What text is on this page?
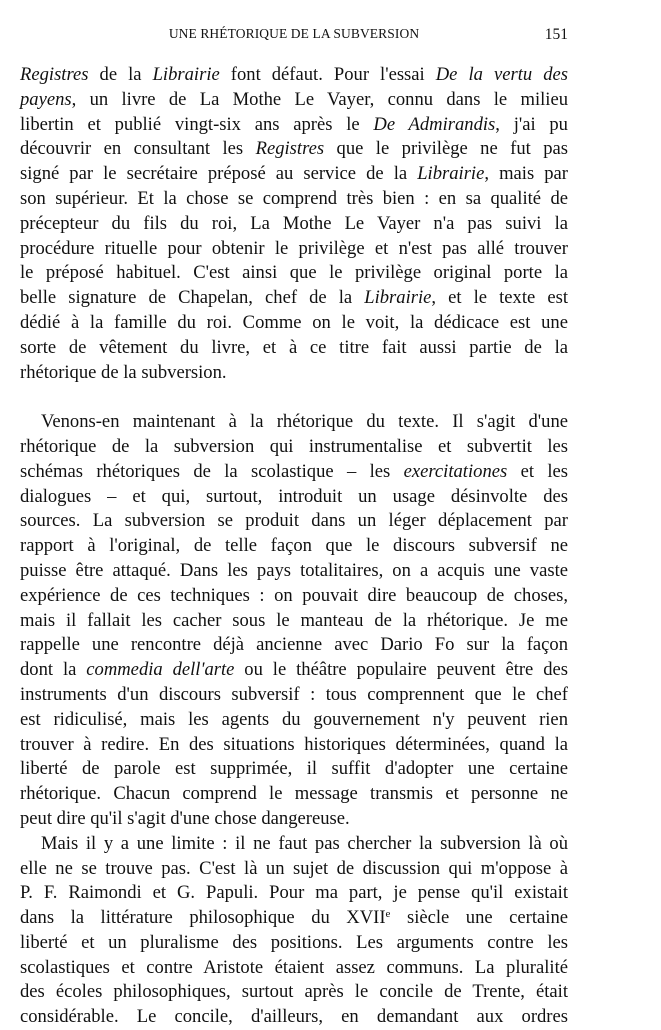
UNE RHÉTORIQUE DE LA SUBVERSION	151

Registres de la Librairie font défaut. Pour l'essai De la vertu des
payens, un livre de La Mothe Le Vayer, connu dans le milieu
libertin et publié vingt-six ans après le De Admirandis, j'ai pu
découvrir en consultant les Registres que le privilège ne fut pas
signé par le secrétaire préposé au service de la Librairie, mais par
son supérieur. Et la chose se comprend très bien : en sa qualité de
précepteur du fils du roi, La Mothe Le Vayer n'a pas suivi la
procédure rituelle pour obtenir le privilège et n'est pas allé trouver
le préposé habituel. C'est ainsi que le privilège original porte la
belle signature de Chapelan, chef de la Librairie, et le texte est
dédié à la famille du roi. Comme on le voit, la dédicace est une
sorte de vêtement du livre, et à ce titre fait aussi partie de la
rhétorique de la subversion.

Venons-en maintenant à la rhétorique du texte. Il s'agit d'une
rhétorique de la subversion qui instrumentalise et subvertit les
schémas rhétoriques de la scolastique – les exercitationes et les
dialogues – et qui, surtout, introduit un usage désinvolte des
sources. La subversion se produit dans un léger déplacement par
rapport à l'original, de telle façon que le discours subversif ne
puisse être attaqué. Dans les pays totalitaires, on a acquis une vaste
expérience de ces techniques : on pouvait dire beaucoup de choses,
mais il fallait les cacher sous le manteau de la rhétorique. Je me
rappelle une rencontre déjà ancienne avec Dario Fo sur la façon
dont la commedia dell'arte ou le théâtre populaire peuvent être des
instruments d'un discours subversif : tous comprennent que le chef
est ridiculisé, mais les agents du gouvernement n'y peuvent rien
trouver à redire. En des situations historiques déterminées, quand la
liberté de parole est supprimée, il suffit d'adopter une certaine
rhétorique. Chacun comprend le message transmis et personne ne
peut dire qu'il s'agit d'une chose dangereuse.

Mais il y a une limite : il ne faut pas chercher la subversion là où
elle ne se trouve pas. C'est là un sujet de discussion qui m'oppose à
P. F. Raimondi et G. Papuli. Pour ma part, je pense qu'il existait
dans la littérature philosophique du XVIIe siècle une certaine
liberté et un pluralisme des positions. Les arguments contre les
scolastiques et contre Aristote étaient assez communs. La pluralité
des écoles philosophiques, surtout après le concile de Trente, était
considérable. Le concile, d'ailleurs, en demandant aux ordres
